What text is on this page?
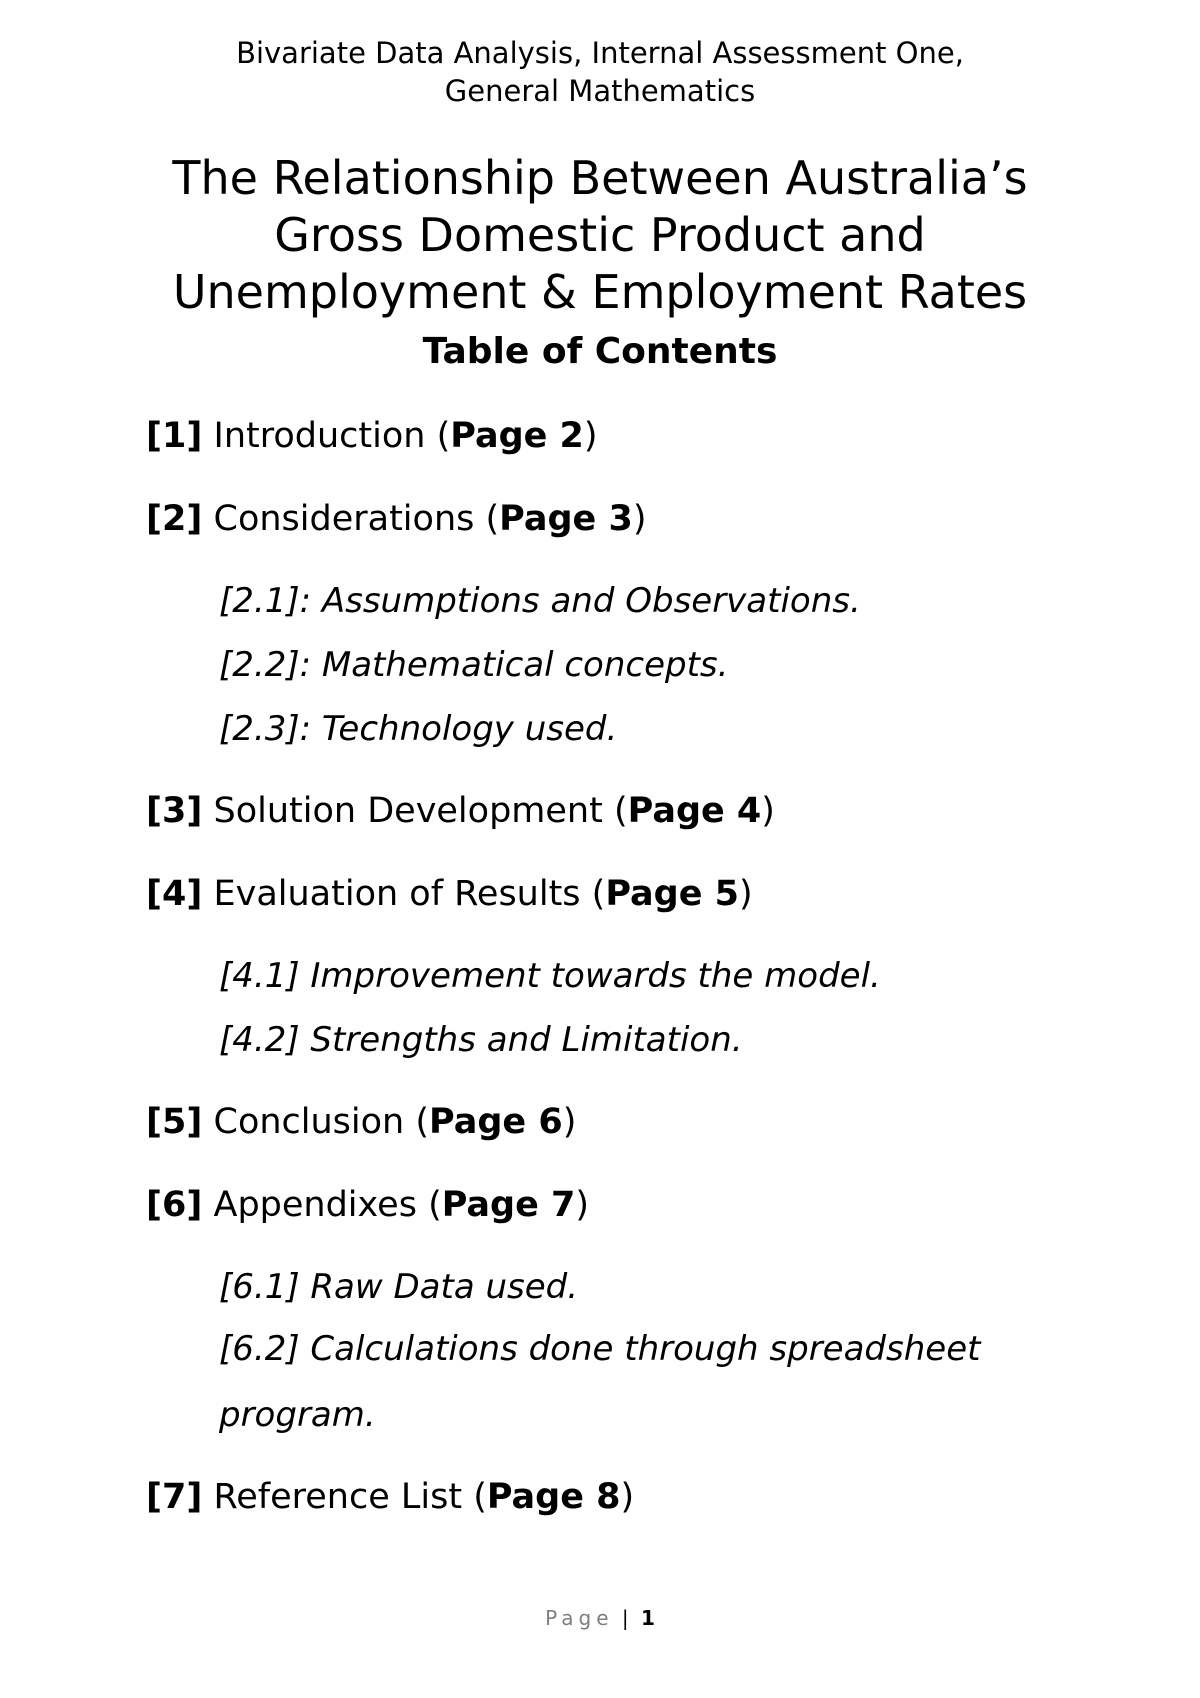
Bivariate Data Analysis, Internal Assessment One,
General Mathematics
The Relationship Between Australia’s
Gross Domestic Product and
Unemployment & Employment Rates
Table of Contents
[1] Introduction (Page 2)
[2] Considerations (Page 3)
[2.1]: Assumptions and Observations.
[2.2]: Mathematical concepts.
[2.3]: Technology used.
[3] Solution Development (Page 4)
[4] Evaluation of Results (Page 5)
[4.1] Improvement towards the model.
[4.2] Strengths and Limitation.
[5] Conclusion (Page 6)
[6] Appendixes (Page 7)
[6.1] Raw Data used.
[6.2] Calculations done through spreadsheet
program.
[7] Reference List (Page 8)
Page | 1
